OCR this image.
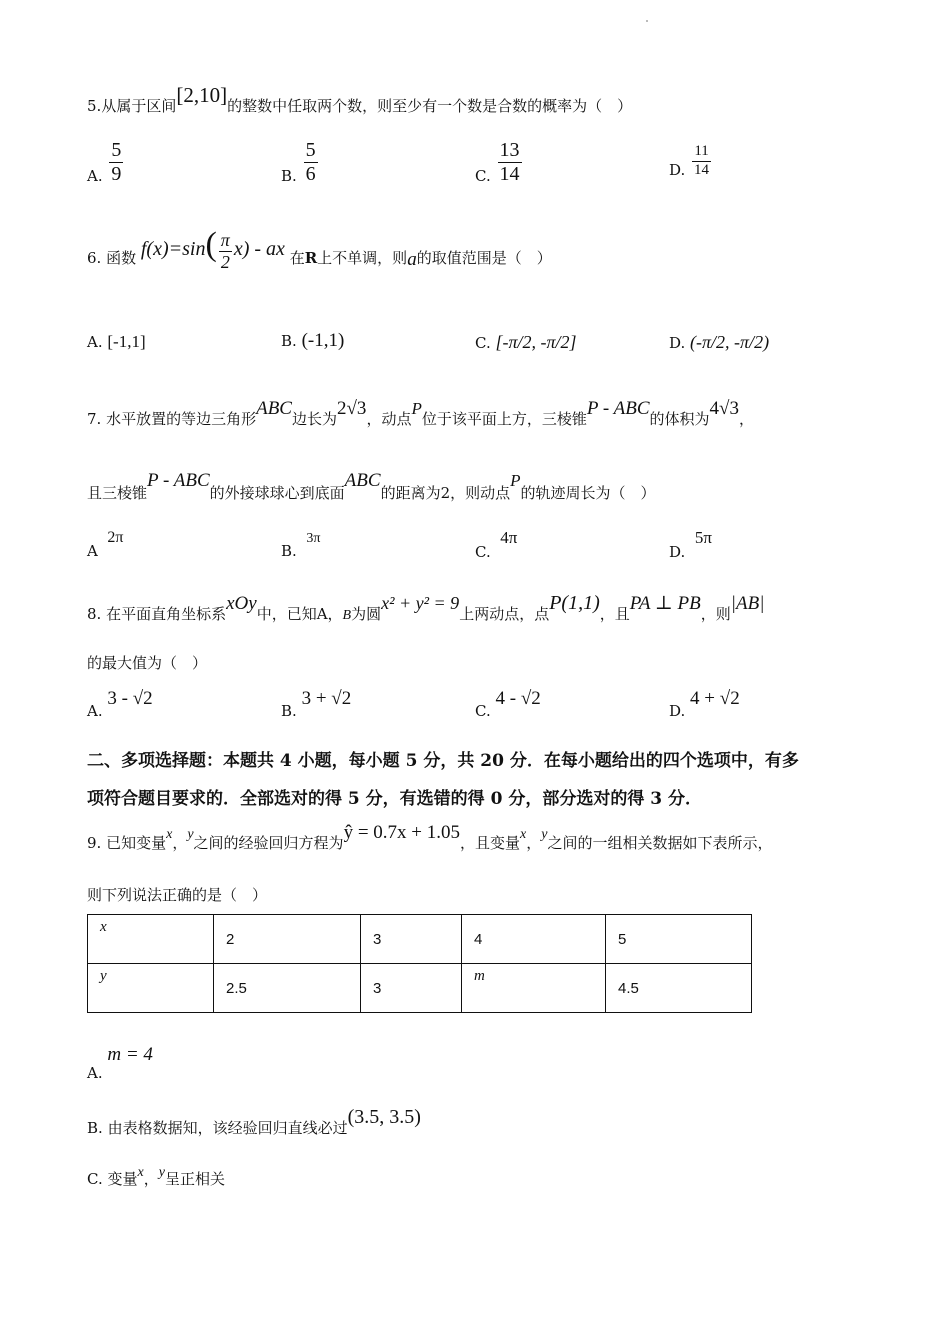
5.从属于区间[2,10]的整数中任取两个数，则至少有一个数是合数的概率为（　）
A. $\frac{5}{9}$	B. $\frac{5}{6}$	C. $\frac{13}{14}$	D. $\frac{11}{14}$
6. 函数 $f(x)=\sin( \frac{\pi}{2} x)$ - ax 在R上不单调，则a的取值范围是（　）
A. [-1,1]	B. (-1,1)	C. [-π/2, -π/2]	D. (-π/2, -π/2)
7. 水平放置的等边三角形ABC边长为2√3，动点P位于该平面上方，三棱锥P - ABC的体积为4√3，
且三棱锥P - ABC的外接球球心到底面ABC的距离为2，则动点P的轨迹周长为（　）
A  2π
B.  3π
C.  4π
D.  5π
8. 在平面直角坐标系xOy中，已知A，B为圆x² + y² = 9上两动点，点P(1,1)，且PA ⊥ PB，则|AB|
的最大值为（　）
A. 3 - √2
B. 3 + √2
C. 4 - √2
D. 4 + √2
二、多项选择题：本题共 4 小题，每小题 5 分，共 20 分．在每小题给出的四个选项中，有多
项符合题目要求的．全部选对的得 5 分，有选错的得 0 分，部分选对的得 3 分．
9. 已知变量x，y之间的经验回归方程为ŷ = 0.7x + 1.05，且变量x，y之间的一组相关数据如下表所示，
则下列说法正确的是（　）
x	2	3	4	5
y	2.5	3	m	4.5
A. m = 4
B. 由表格数据知，该经验回归直线必过(3.5, 3.5)
C. 变量x，y呈正相关
